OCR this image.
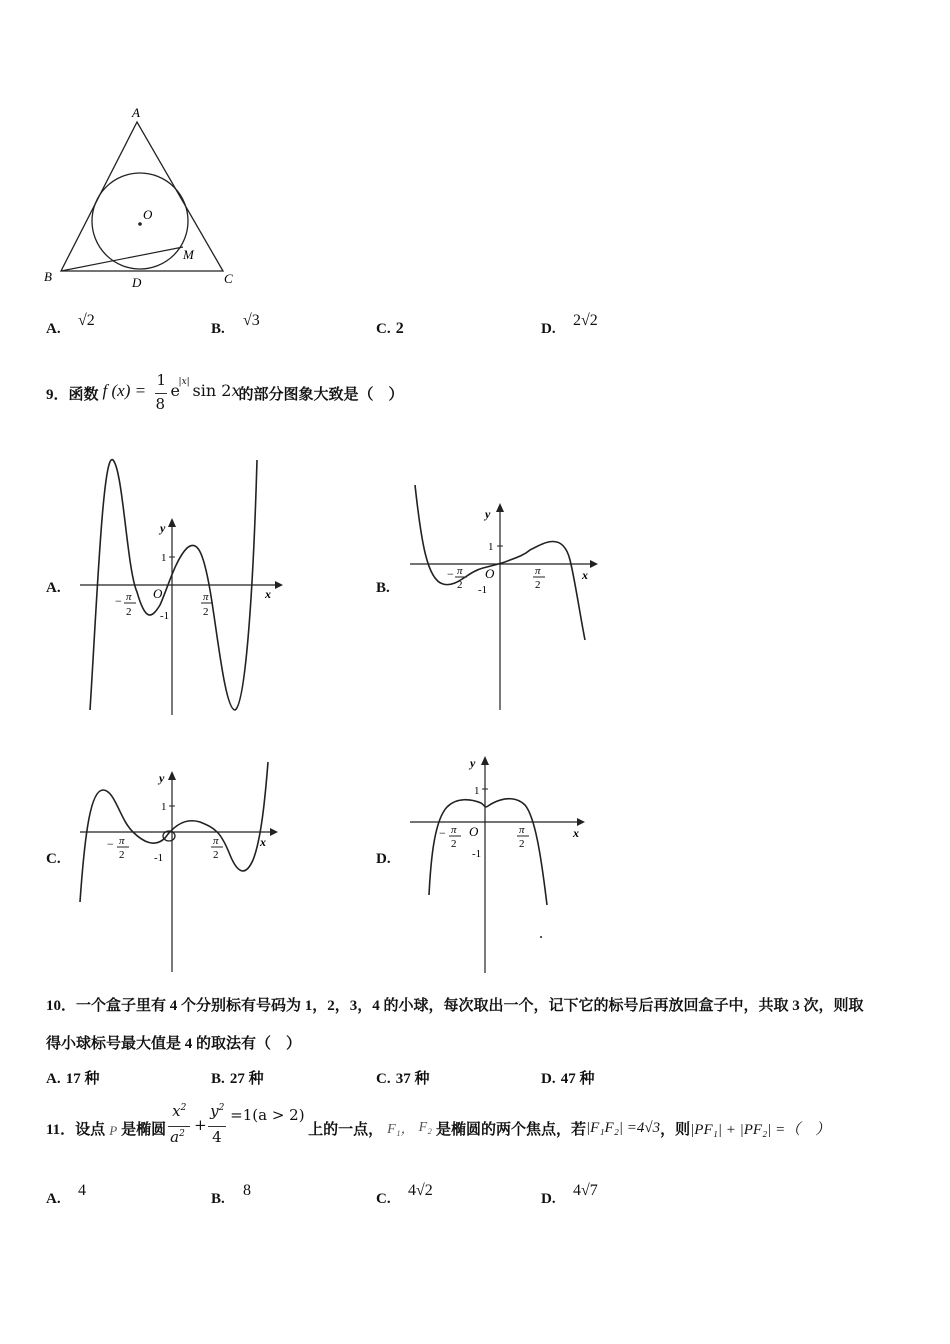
A
B	C
D
O
M
A. √2	B. √3	C. 2	D. 2√2
9． 函数 f (x) =
1
8
e
|x| sin 2x
的部分图象大致是（　）
A.	B.
C.	D.
y
x
O
1
-1
− π
2
π
2
y
x
O
1
-1
− π
2
π
2
y
x
1
-1
− π
2
π
2
y
x
O
1
-1
− π
2
π
2
10．一个盒子里有 4 个分别标有号码为 1，2，3，4 的小球，每次取出一个，记下它的标号后再放回盒子中，共取 3 次，则取
得小球标号最大值是 4 的取法有（　）
A. 17 种	B. 27 种	C. 37 种	D. 47 种
11．设点 P 是椭圆
$x^2$
$a^2$ +
$y^2$
4
=1(a > 2)
上的一点， F₁， F₂ 是椭圆的两个焦点，若 |F₁F₂| =4√3 ，则 |PF₁| + |PF₂| =（　）
A. 4	B. 8	C. 4√2	D. 4√7
